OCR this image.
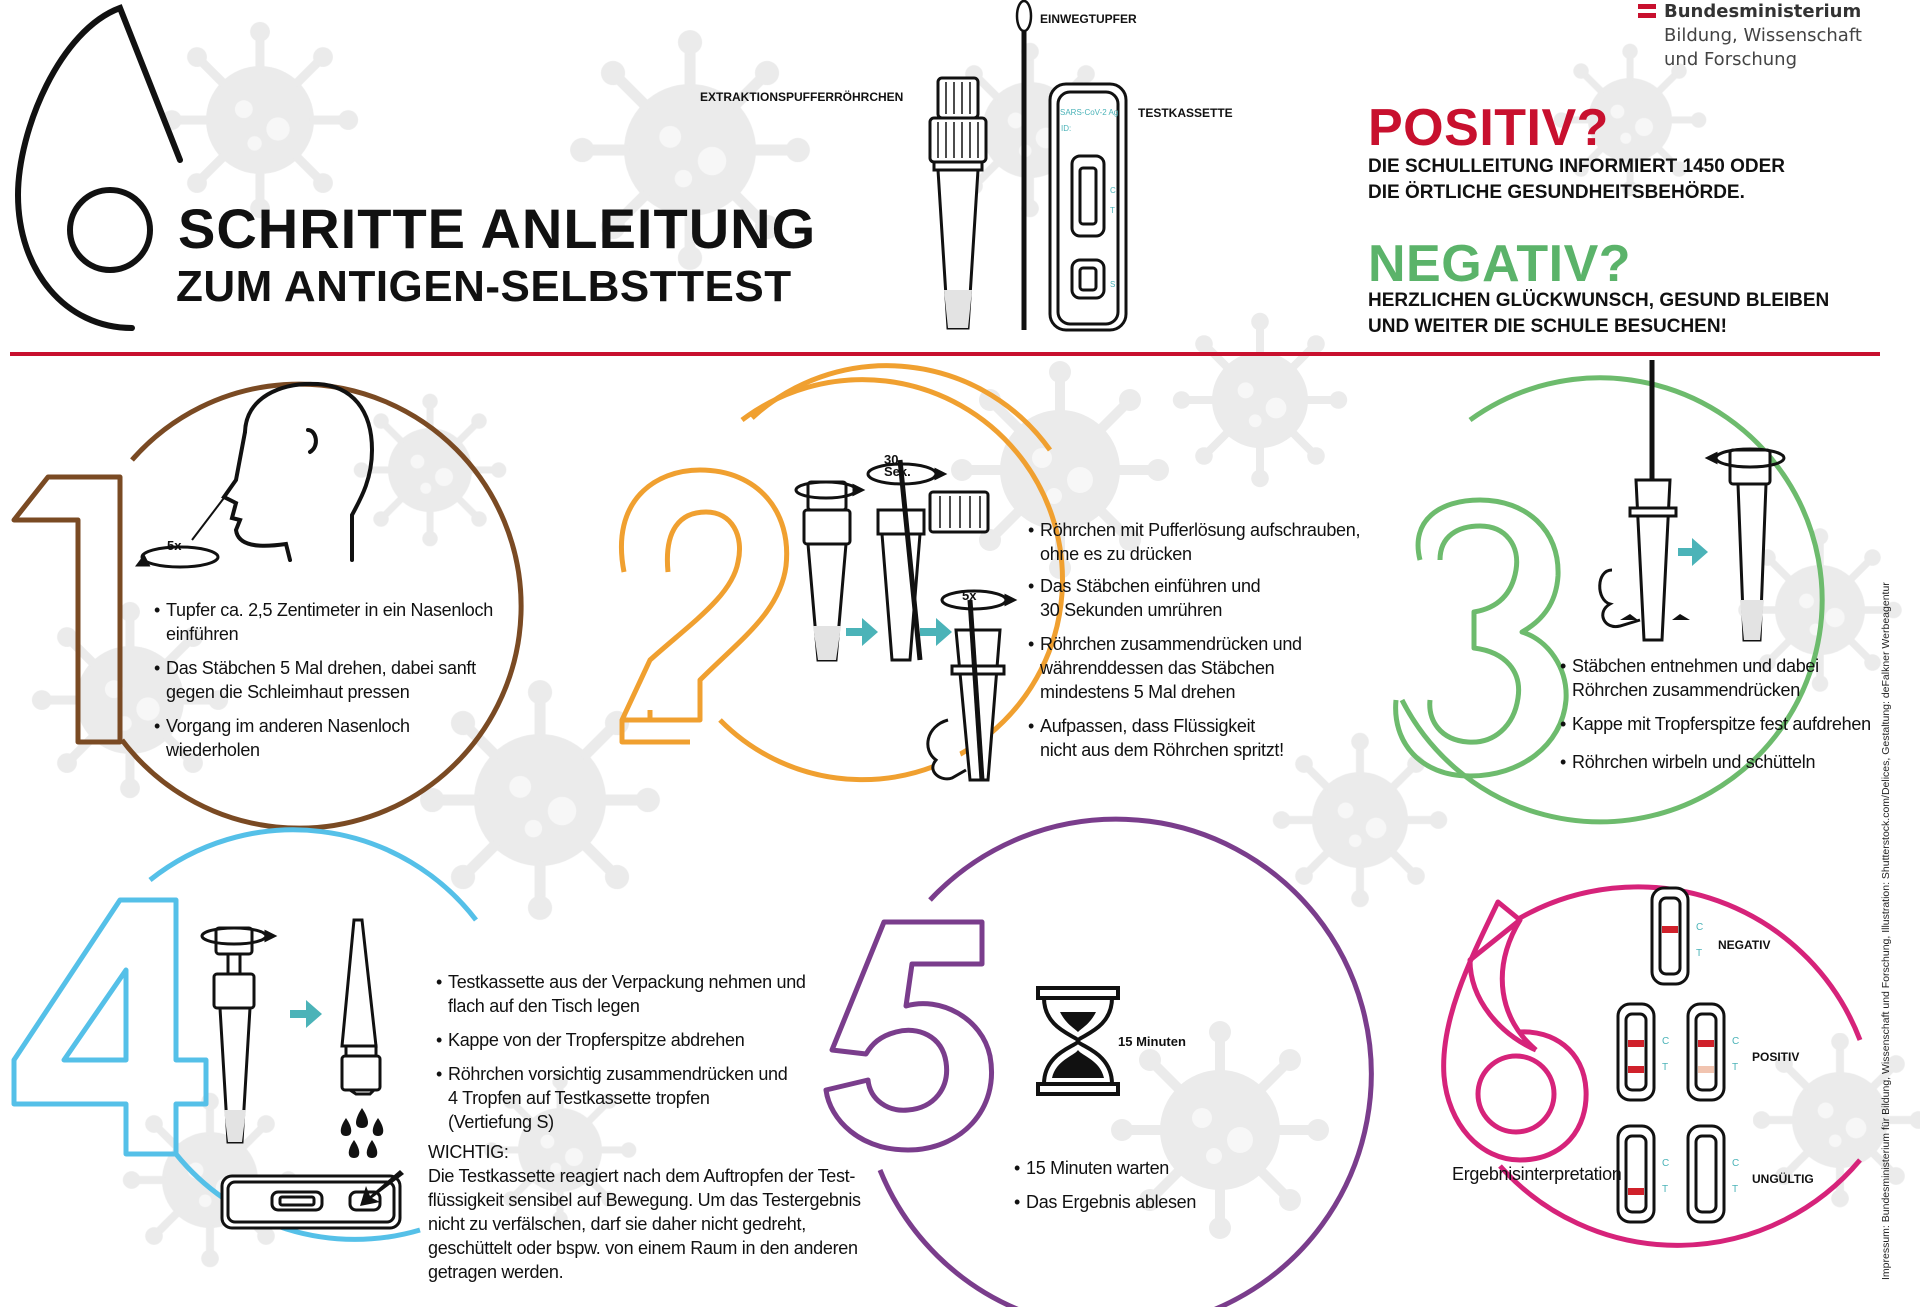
SCHRITTE ANLEITUNG
ZUM ANTIGEN-SELBSTTEST
EXTRAKTIONSPUFFERRÖHRCHEN
EINWEGTUPFER
TESTKASSETTE
SARS-CoV-2 Ag
ID:
C
T
S
Bundesministerium
Bildung, Wissenschaft
und Forschung
POSITIV?
DIE SCHULLEITUNG INFORMIERT 1450 ODER
DIE ÖRTLICHE GESUNDHEITSBEHÖRDE.
NEGATIV?
HERZLICHEN GLÜCKWUNSCH, GESUND BLEIBEN
UND WEITER DIE SCHULE BESUCHEN!
5x
• Tupfer ca. 2,5 Zentimeter in ein Nasenloch
einführen
• Das Stäbchen 5 Mal drehen, dabei sanft
gegen die Schleimhaut pressen
• Vorgang im anderen Nasenloch
wiederholen
30
Sek.
5x
• Röhrchen mit Pufferlösung aufschrauben,
ohne es zu drücken
• Das Stäbchen einführen und
30 Sekunden umrühren
• Röhrchen zusammendrücken und
währenddessen das Stäbchen
mindestens 5 Mal drehen
• Aufpassen, dass Flüssigkeit
nicht aus dem Röhrchen spritzt!
• Stäbchen entnehmen und dabei
Röhrchen zusammendrücken
• Kappe mit Tropferspitze fest aufdrehen
• Röhrchen wirbeln und schütteln
• Testkassette aus der Verpackung nehmen und
flach auf den Tisch legen
• Kappe von der Tropferspitze abdrehen
• Röhrchen vorsichtig zusammendrücken und
4 Tropfen auf Testkassette tropfen
(Vertiefung S)
WICHTIG:
Die Testkassette reagiert nach dem Auftropfen der Test-
flüssigkeit sensibel auf Bewegung. Um das Testergebnis
nicht zu verfälschen, darf sie daher nicht gedreht,
geschüttelt oder bspw. von einem Raum in den anderen
getragen werden.
15 Minuten
• 15 Minuten warten
• Das Ergebnis ablesen
Ergebnisinterpretation
NEGATIV
POSITIV
UNGÜLTIG
C
T
C
T
C
T
C
T
C
T	Impressum: Bundesministerium für Bildung, Wissenschaft und Forschung, Illustration: Shutterstock.com/Delices, Gestaltung: deFalkner Werbeagentur
